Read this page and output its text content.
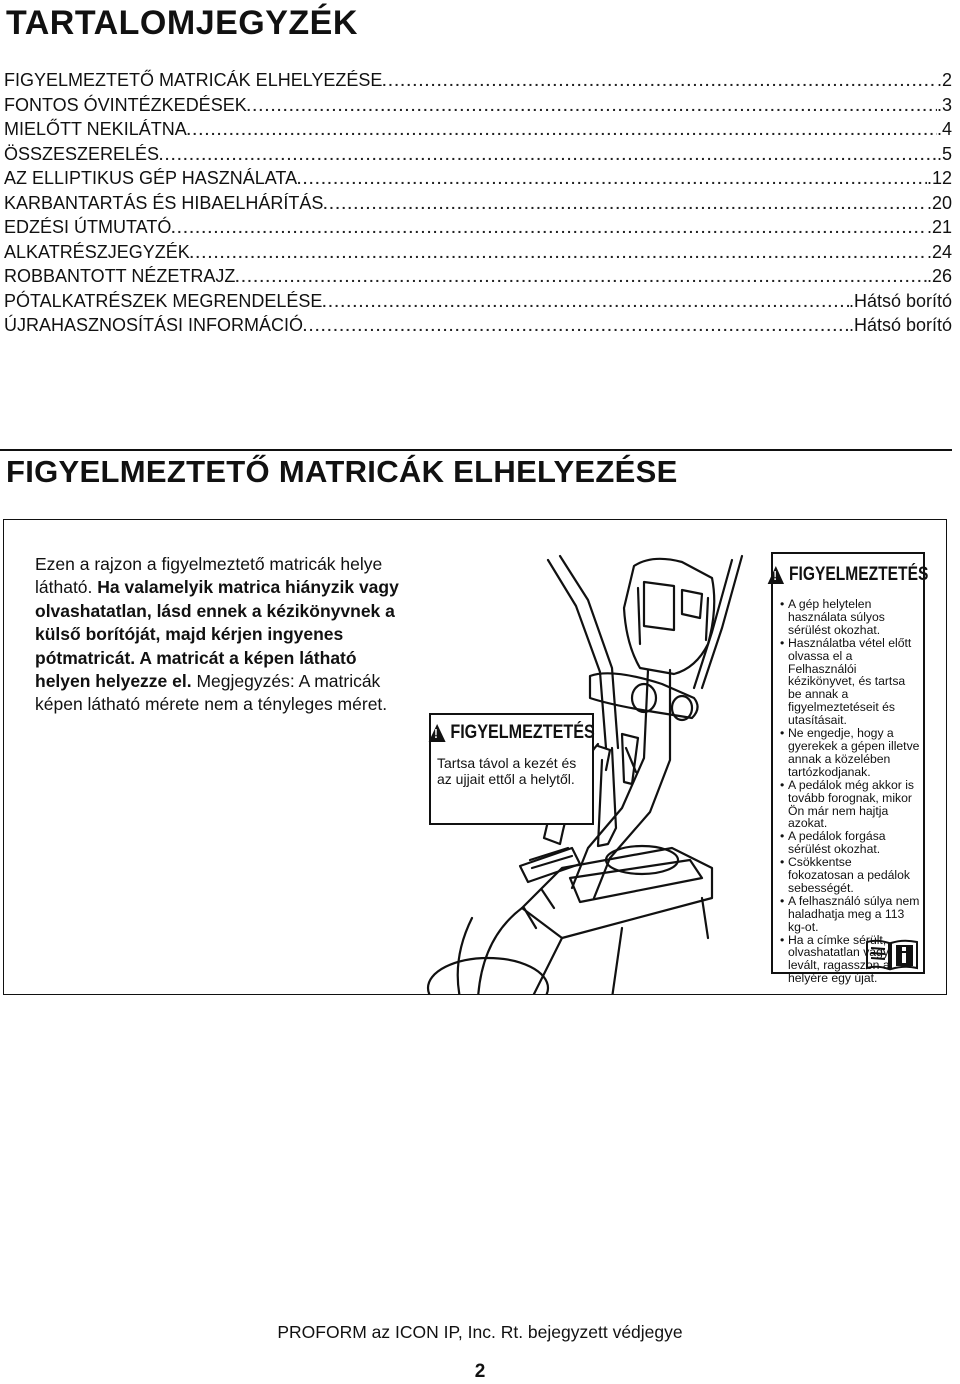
TARTALOMJEGYZÉK
FIGYELMEZTETŐ MATRICÁK ELHELYEZÉSE .....	.2
FONTOS ÓVINTÉZKEDÉSEK .....	.3
MIELŐTT NEKILÁTNA .....	.4
ÖSSZESZERELÉS .....	.5
AZ ELLIPTIKUS GÉP HASZNÁLATA .....	.12
KARBANTARTÁS ÉS HIBAELHÁRÍTÁS .....	.20
EDZÉSI ÚTMUTATÓ .....	.21
ALKATRÉSZJEGYZÉK .....	.24
ROBBANTOTT NÉZETRAJZ .....	.26
PÓTALKATRÉSZEK MEGRENDELÉSE .....	.Hátsó borító
ÚJRAHASZNOSÍTÁSI INFORMÁCIÓ .....	.Hátsó borító
FIGYELMEZTETŐ MATRICÁK ELHELYEZÉSE
Ezen a rajzon a figyelmeztető matricák helye látható. Ha valamelyik matrica hiányzik vagy olvashatatlan, lásd ennek a kézikönyvnek a külső borítóját, majd kérjen ingyenes pótmatricát. A matricát a képen látható helyen helyezze el. Megjegyzés: A matricák képen látható mérete nem a tényleges méret.
!
FIGYELMEZTETÉS
Tartsa távol a kezét és az ujjait ettől a helytől.
!
FIGYELMEZTETÉS
• A gép helytelen használata súlyos sérülést okozhat.
• Használatba vétel előtt olvassa el a Felhasználói kézikönyvet, és tartsa be annak a figyelmeztetéseit és utasításait.
• Ne engedje, hogy a gyerekek a gépen illetve annak a közelében tartózkodjanak.
• A pedálok még akkor is tovább forognak, mikor Ön már nem hajtja azokat.
• A pedálok forgása sérülést okozhat.
• Csökkentse fokozatosan a pedálok sebességét.
• A felhasználó súlya nem haladhatja meg a 113 kg-ot.
• Ha a címke sérült, olvashatatlan vagy levált, ragasszon a helyére egy újat.
PROFORM az ICON IP, Inc. Rt. bejegyzett védjegye
2
